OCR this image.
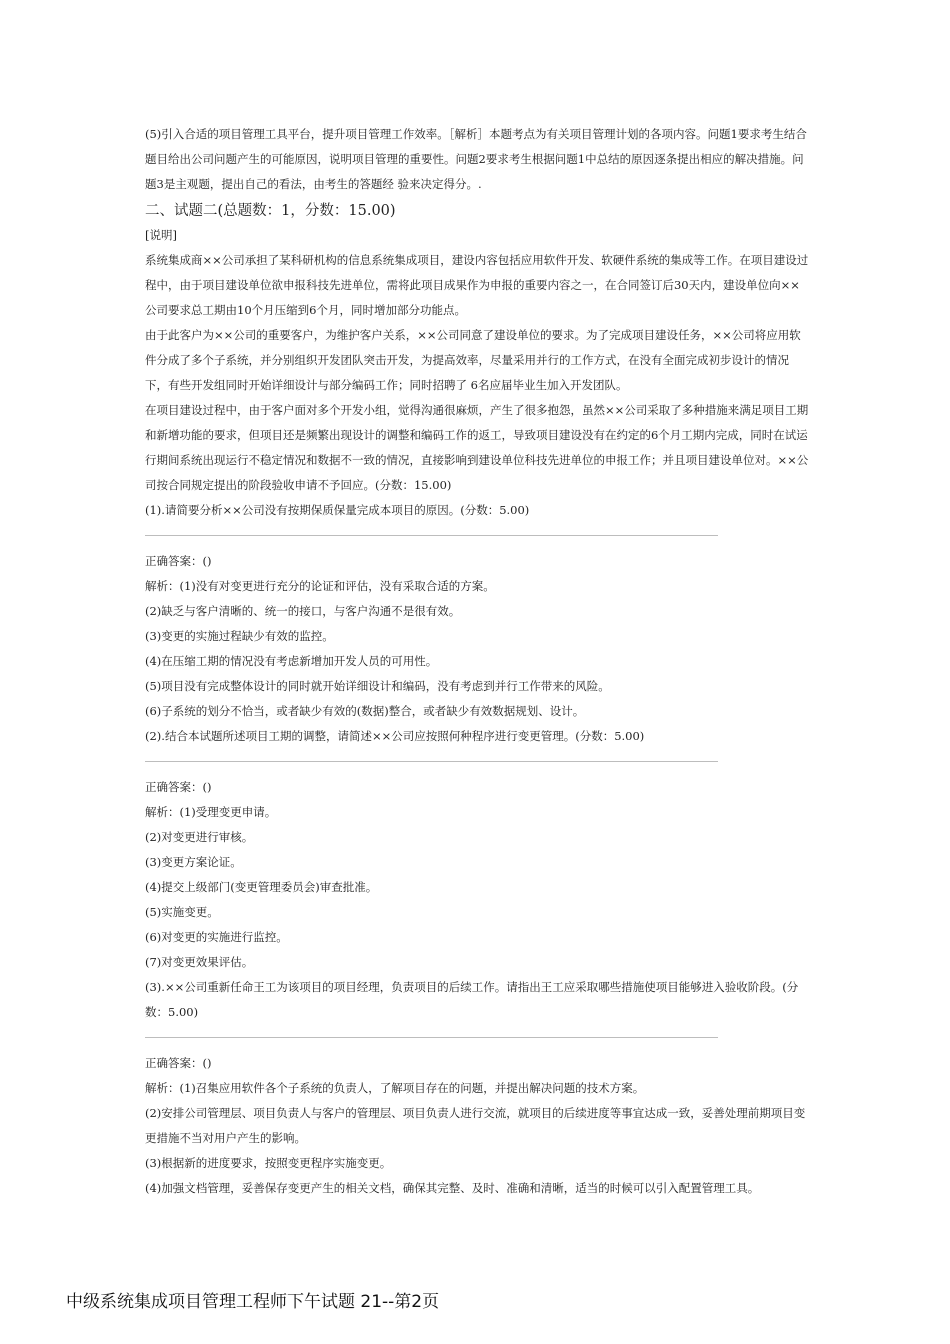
(5)引入合适的项目管理工具平台，提升项目管理工作效率。［解析］本题考点为有关项目管理计划的各项内容。问题1要求考生结合题目给出公司问题产生的可能原因，说明项目管理的重要性。问题2要求考生根据问题1中总结的原因逐条提出相应的解决措施。问题3是主观题，提出自己的看法，由考生的答题经 验来决定得分。.

二、试题二(总题数：1，分数：15.00)

[说明]

系统集成商××公司承担了某科研机构的信息系统集成项目，建设内容包括应用软件开发、软硬件系统的集成等工作。在项目建设过程中，由于项目建设单位欲申报科技先进单位，需将此项目成果作为申报的重要内容之一，在合同签订后30天内，建设单位向××公司要求总工期由10个月压缩到6个月，同时增加部分功能点。

由于此客户为××公司的重要客户，为维护客户关系，××公司同意了建设单位的要求。为了完成项目建设任务，××公司将应用软件分成了多个子系统，并分别组织开发团队突击开发，为提高效率，尽量采用并行的工作方式，在没有全面完成初步设计的情况下，有些开发组同时开始详细设计与部分编码工作；同时招聘了 6名应届毕业生加入开发团队。

在项目建设过程中，由于客户面对多个开发小组，觉得沟通很麻烦，产生了很多抱怨，虽然××公司采取了多种措施来满足项目工期和新增功能的要求，但项目还是频繁出现设计的调整和编码工作的返工，导致项目建设没有在约定的6个月工期内完成，同时在试运行期间系统出现运行不稳定情况和数据不一致的情况，直接影响到建设单位科技先进单位的申报工作；并且项目建设单位对。××公司按合同规定提出的阶段验收申请不予回应。(分数：15.00)

(1).请简要分析××公司没有按期保质保量完成本项目的原因。(分数：5.00)

正确答案：()

解析：(1)没有对变更进行充分的论证和评估，没有采取合适的方案。

(2)缺乏与客户清晰的、统一的接口，与客户沟通不是很有效。

(3)变更的实施过程缺少有效的监控。

(4)在压缩工期的情况没有考虑新增加开发人员的可用性。

(5)项目没有完成整体设计的同时就开始详细设计和编码，没有考虑到并行工作带来的风险。

(6)子系统的划分不恰当，或者缺少有效的(数据)整合，或者缺少有效数据规划、设计。

(2).结合本试题所述项目工期的调整，请简述××公司应按照何种程序进行变更管理。(分数：5.00)

正确答案：()

解析：(1)受理变更申请。

(2)对变更进行审核。

(3)变更方案论证。

(4)提交上级部门(变更管理委员会)审查批准。

(5)实施变更。

(6)对变更的实施进行监控。

(7)对变更效果评估。

(3).××公司重新任命王工为该项目的项目经理，负责项目的后续工作。请指出王工应采取哪些措施使项目能够进入验收阶段。(分数：5.00)

正确答案：()

解析：(1)召集应用软件各个子系统的负责人，了解项目存在的问题，并提出解决问题的技术方案。

(2)安排公司管理层、项目负责人与客户的管理层、项目负责人进行交流，就项目的后续进度等事宜达成一致，妥善处理前期项目变更措施不当对用户产生的影响。

(3)根据新的进度要求，按照变更程序实施变更。

(4)加强文档管理，妥善保存变更产生的相关文档，确保其完整、及时、准确和清晰，适当的时候可以引入配置管理工具。

中级系统集成项目管理工程师下午试题 21--第2页
